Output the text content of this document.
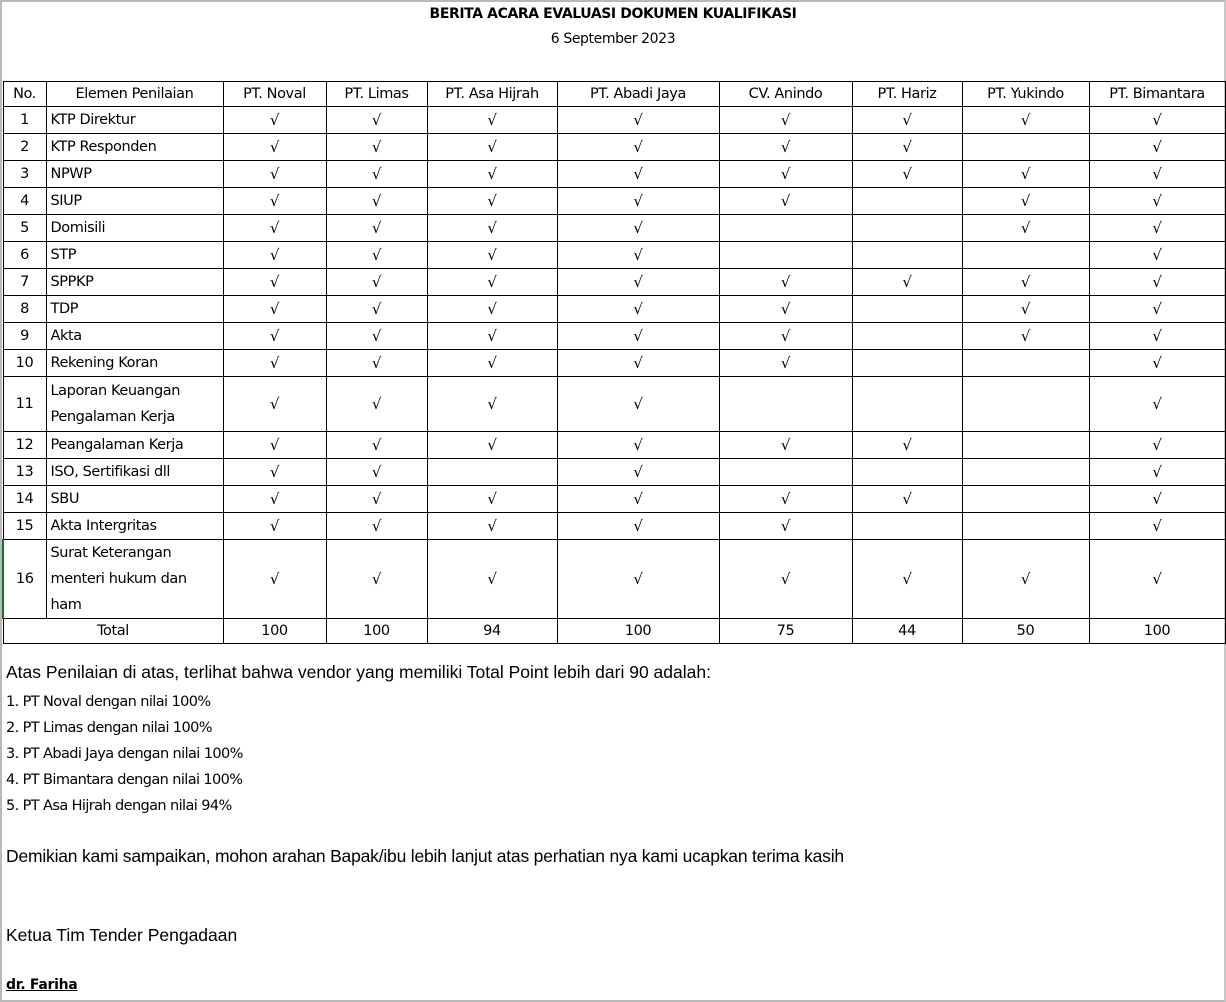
BERITA ACARA EVALUASI DOKUMEN KUALIFIKASI
6 September 2023
No.	Elemen Penilaian	PT. Noval	PT. Limas	PT. Asa Hijrah	PT. Abadi Jaya	CV. Anindo	PT. Hariz	PT. Yukindo	PT. Bimantara
1	KTP Direktur	√	√	√	√	√	√	√	√
2	KTP Responden	√	√	√	√	√	√		√
3	NPWP	√	√	√	√	√	√	√	√
4	SIUP	√	√	√	√	√		√	√
5	Domisili	√	√	√	√			√	√
6	STP	√	√	√	√				√
7	SPPKP	√	√	√	√	√	√	√	√
8	TDP	√	√	√	√	√		√	√
9	Akta	√	√	√	√	√		√	√
10	Rekening Koran	√	√	√	√	√			√
11	Laporan Keuangan
Pengalaman Kerja	√	√	√	√				√
12	Peangalaman Kerja	√	√	√	√	√	√		√
13	ISO, Sertifikasi dll	√	√		√				√
14	SBU	√	√	√	√	√	√		√
15	Akta Intergritas	√	√	√	√	√			√
16	Surat Keterangan
menteri hukum dan
ham	√	√	√	√	√	√	√	√
Total		100	100	94	100	75	44	50	100
Atas Penilaian di atas, terlihat bahwa vendor yang memiliki Total Point lebih dari 90 adalah:
1. PT Noval dengan nilai 100%
2. PT Limas dengan nilai 100%
3. PT Abadi Jaya dengan nilai 100%
4. PT Bimantara dengan nilai 100%
5. PT Asa Hijrah dengan nilai 94%
Demikian kami sampaikan, mohon arahan Bapak/ibu lebih lanjut atas perhatian nya kami ucapkan terima kasih
Ketua Tim Tender Pengadaan
dr. Fariha
